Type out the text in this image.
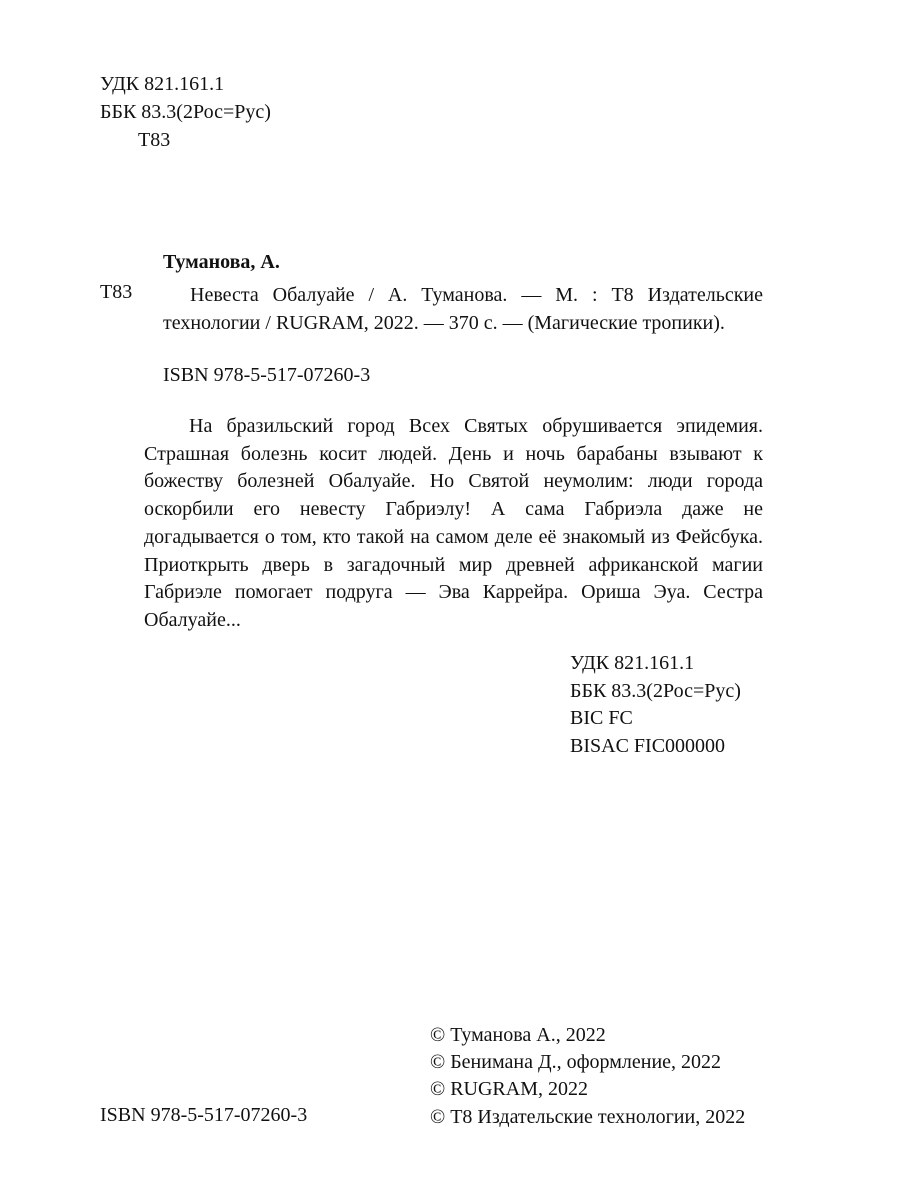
УДК 821.161.1
ББК 83.3(2Рос=Рус)
Т83
Туманова, А.
Т83	Невеста Обалуайе / А. Туманова. — М. : Т8 Издательские технологии / RUGRAM, 2022. — 370 с. — (Магические тропики).

ISBN 978-5-517-07260-3

На бразильский город Всех Святых обрушивается эпидемия. Страшная болезнь косит людей. День и ночь барабаны взывают к божеству болезней Обалуайе. Но Святой неумолим: люди города оскорбили его невесту Габриэлу! А сама Габриэла даже не догадывается о том, кто такой на самом деле её знакомый из Фейсбука. Приоткрыть дверь в загадочный мир древней африканской магии Габриэле помогает подруга — Эва Каррейра. Ориша Эуа. Сестра Обалуайе...

УДК 821.161.1
ББК 83.3(2Рос=Рус)
BIC FC
BISAC FIC000000
© Туманова А., 2022
© Бенимана Д., оформление, 2022
© RUGRAM, 2022
© Т8 Издательские технологии, 2022
ISBN 978-5-517-07260-3
